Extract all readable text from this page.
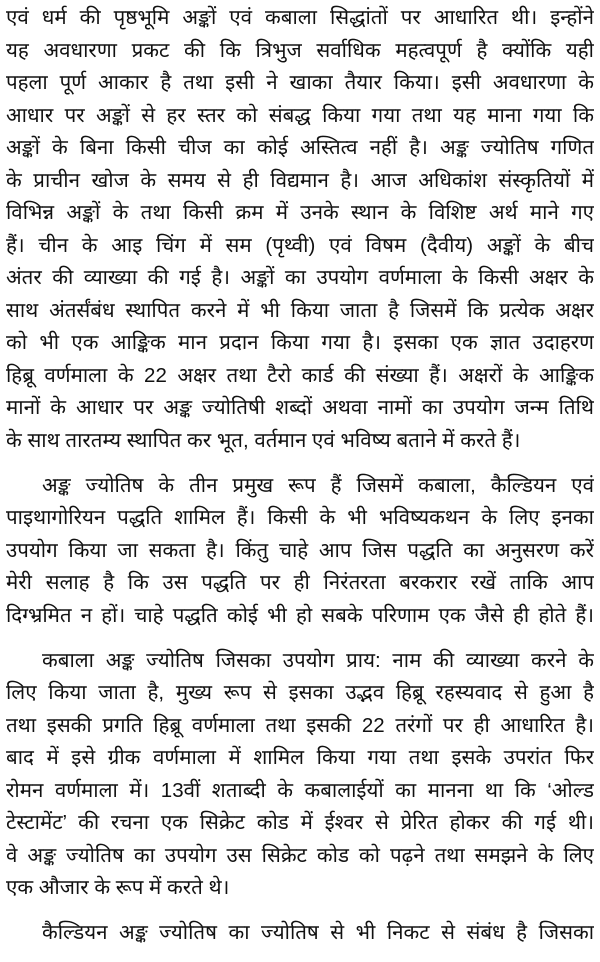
एवं धर्म की पृष्ठभूमि अङ्कों एवं कबाला सिद्धांतों पर आधारित थी। इन्होंने
यह अवधारणा प्रकट की कि त्रिभुज सर्वाधिक महत्वपूर्ण है क्योंकि यही
पहला पूर्ण आकार है तथा इसी ने खाका तैयार किया। इसी अवधारणा के
आधार पर अङ्कों से हर स्तर को संबद्ध किया गया तथा यह माना गया कि
अङ्कों के बिना किसी चीज का कोई अस्तित्व नहीं है। अङ्क ज्योतिष गणित
के प्राचीन खोज के समय से ही विद्यमान है। आज अधिकांश संस्कृतियों में
विभिन्न अङ्कों के तथा किसी क्रम में उनके स्थान के विशिष्ट अर्थ माने गए
हैं। चीन के आइ चिंग में सम (पृथ्वी) एवं विषम (दैवीय) अङ्कों के बीच
अंतर की व्याख्या की गई है। अङ्कों का उपयोग वर्णमाला के किसी अक्षर के
साथ अंतर्संबंध स्थापित करने में भी किया जाता है जिसमें कि प्रत्येक अक्षर
को भी एक आङ्किक मान प्रदान किया गया है। इसका एक ज्ञात उदाहरण
हिब्रू वर्णमाला के 22 अक्षर तथा टैरो कार्ड की संख्या हैं। अक्षरों के आङ्किक
मानों के आधार पर अङ्क ज्योतिषी शब्दों अथवा नामों का उपयोग जन्म तिथि
के साथ तारतम्य स्थापित कर भूत, वर्तमान एवं भविष्य बताने में करते हैं।
अङ्क ज्योतिष के तीन प्रमुख रूप हैं जिसमें कबाला, कैल्डियन एवं
पाइथागोरियन पद्धति शामिल हैं। किसी के भी भविष्यकथन के लिए इनका
उपयोग किया जा सकता है। किंतु चाहे आप जिस पद्धति का अनुसरण करें
मेरी सलाह है कि उस पद्धति पर ही निरंतरता बरकरार रखें ताकि आप
दिग्भ्रमित न हों। चाहे पद्धति कोई भी हो सबके परिणाम एक जैसे ही होते हैं।
कबाला अङ्क ज्योतिष जिसका उपयोग प्राय: नाम की व्याख्या करने के
लिए किया जाता है, मुख्य रूप से इसका उद्भव हिब्रू रहस्यवाद से हुआ है
तथा इसकी प्रगति हिब्रू वर्णमाला तथा इसकी 22 तरंगों पर ही आधारित है।
बाद में इसे ग्रीक वर्णमाला में शामिल किया गया तथा इसके उपरांत फिर
रोमन वर्णमाला में। 13वीं शताब्दी के कबालाईयों का मानना था कि ‘ओल्ड
टेस्टामेंट’ की रचना एक सिक्रेट कोड में ईश्वर से प्रेरित होकर की गई थी।
वे अङ्क ज्योतिष का उपयोग उस सिक्रेट कोड को पढ़ने तथा समझने के लिए
एक औजार के रूप में करते थे।
कैल्डियन अङ्क ज्योतिष का ज्योतिष से भी निकट से संबंध है जिसका
